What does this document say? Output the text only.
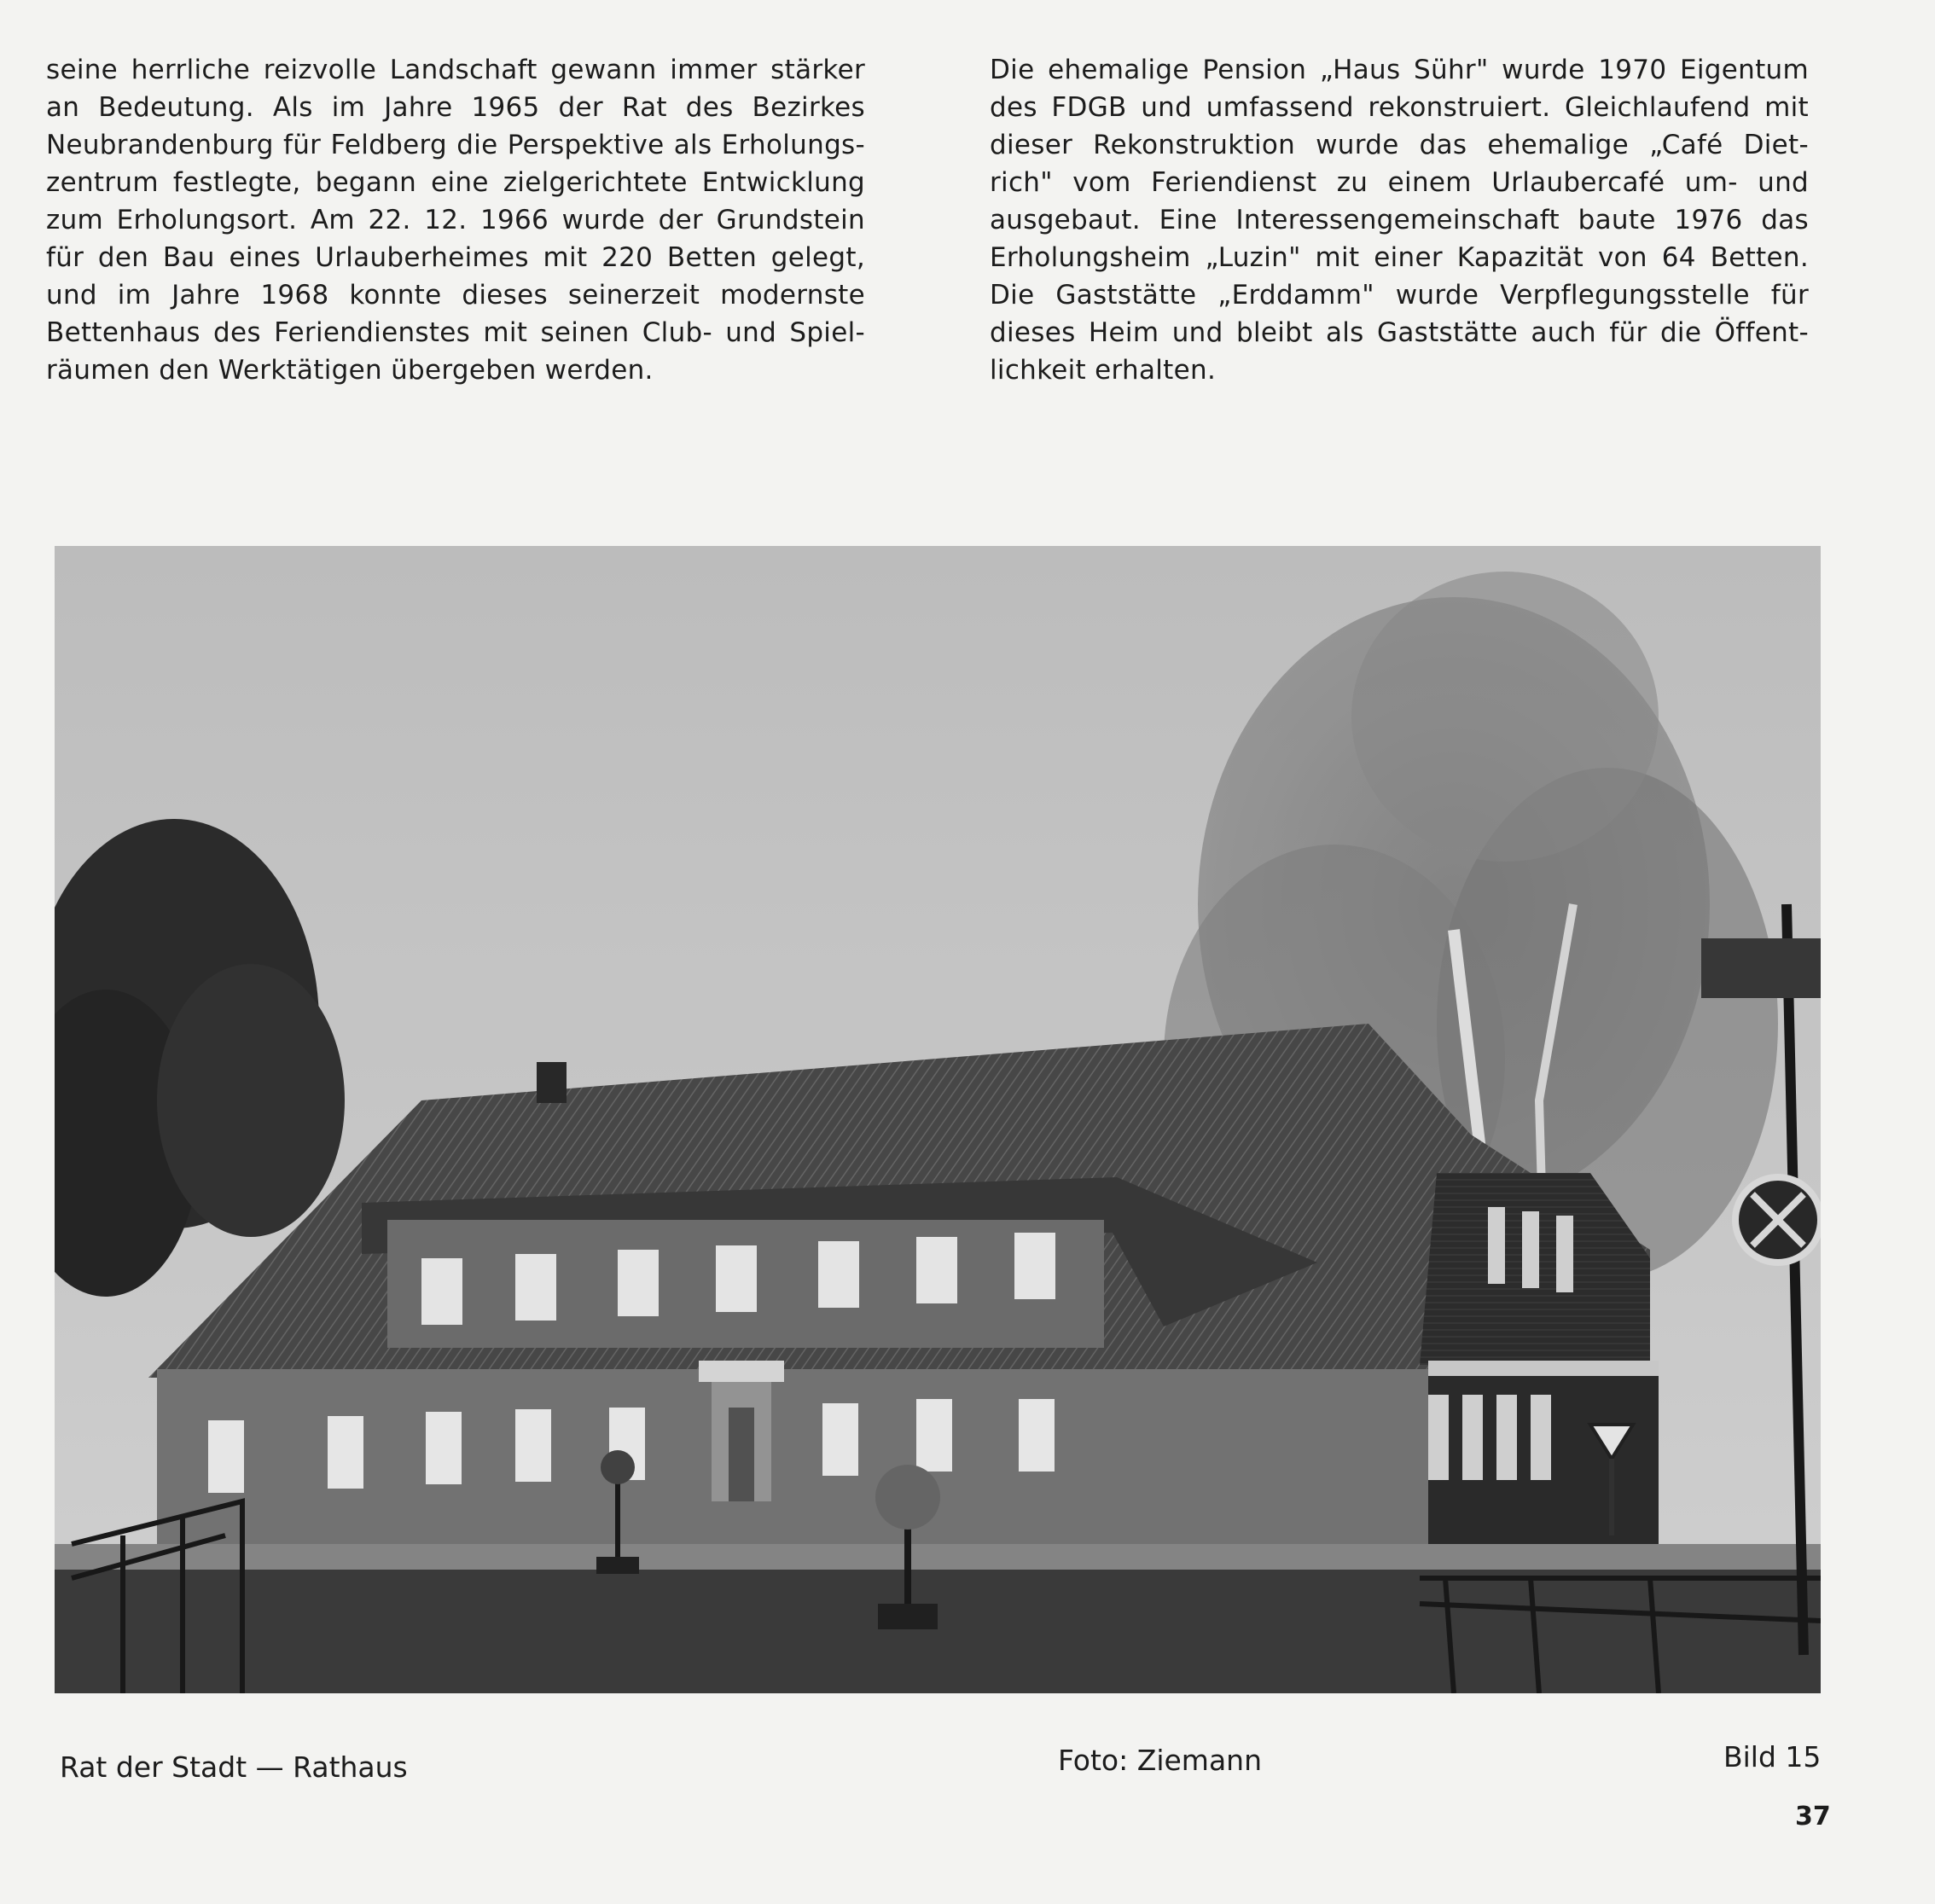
seine herrliche reizvolle Landschaft gewann immer stärker
an Bedeutung. Als im Jahre 1965 der Rat des Bezirkes
Neubrandenburg für Feldberg die Perspektive als Erholungs-
zentrum festlegte, begann eine zielgerichtete Entwicklung
zum Erholungsort. Am 22. 12. 1966 wurde der Grundstein
für den Bau eines Urlauberheimes mit 220 Betten gelegt,
und im Jahre 1968 konnte dieses seinerzeit modernste
Bettenhaus des Feriendienstes mit seinen Club- und Spiel-
räumen den Werktätigen übergeben werden.
Die ehemalige Pension „Haus Sühr" wurde 1970 Eigentum
des FDGB und umfassend rekonstruiert. Gleichlaufend mit
dieser Rekonstruktion wurde das ehemalige „Café Diet-
rich" vom Feriendienst zu einem Urlaubercafé um- und
ausgebaut. Eine Interessengemeinschaft baute 1976 das
Erholungsheim „Luzin" mit einer Kapazität von 64 Betten.
Die Gaststätte „Erddamm" wurde Verpflegungsstelle für
dieses Heim und bleibt als Gaststätte auch für die Öffent-
lichkeit erhalten.
Rat der Stadt — Rathaus	Foto: Ziemann	Bild 15
37
